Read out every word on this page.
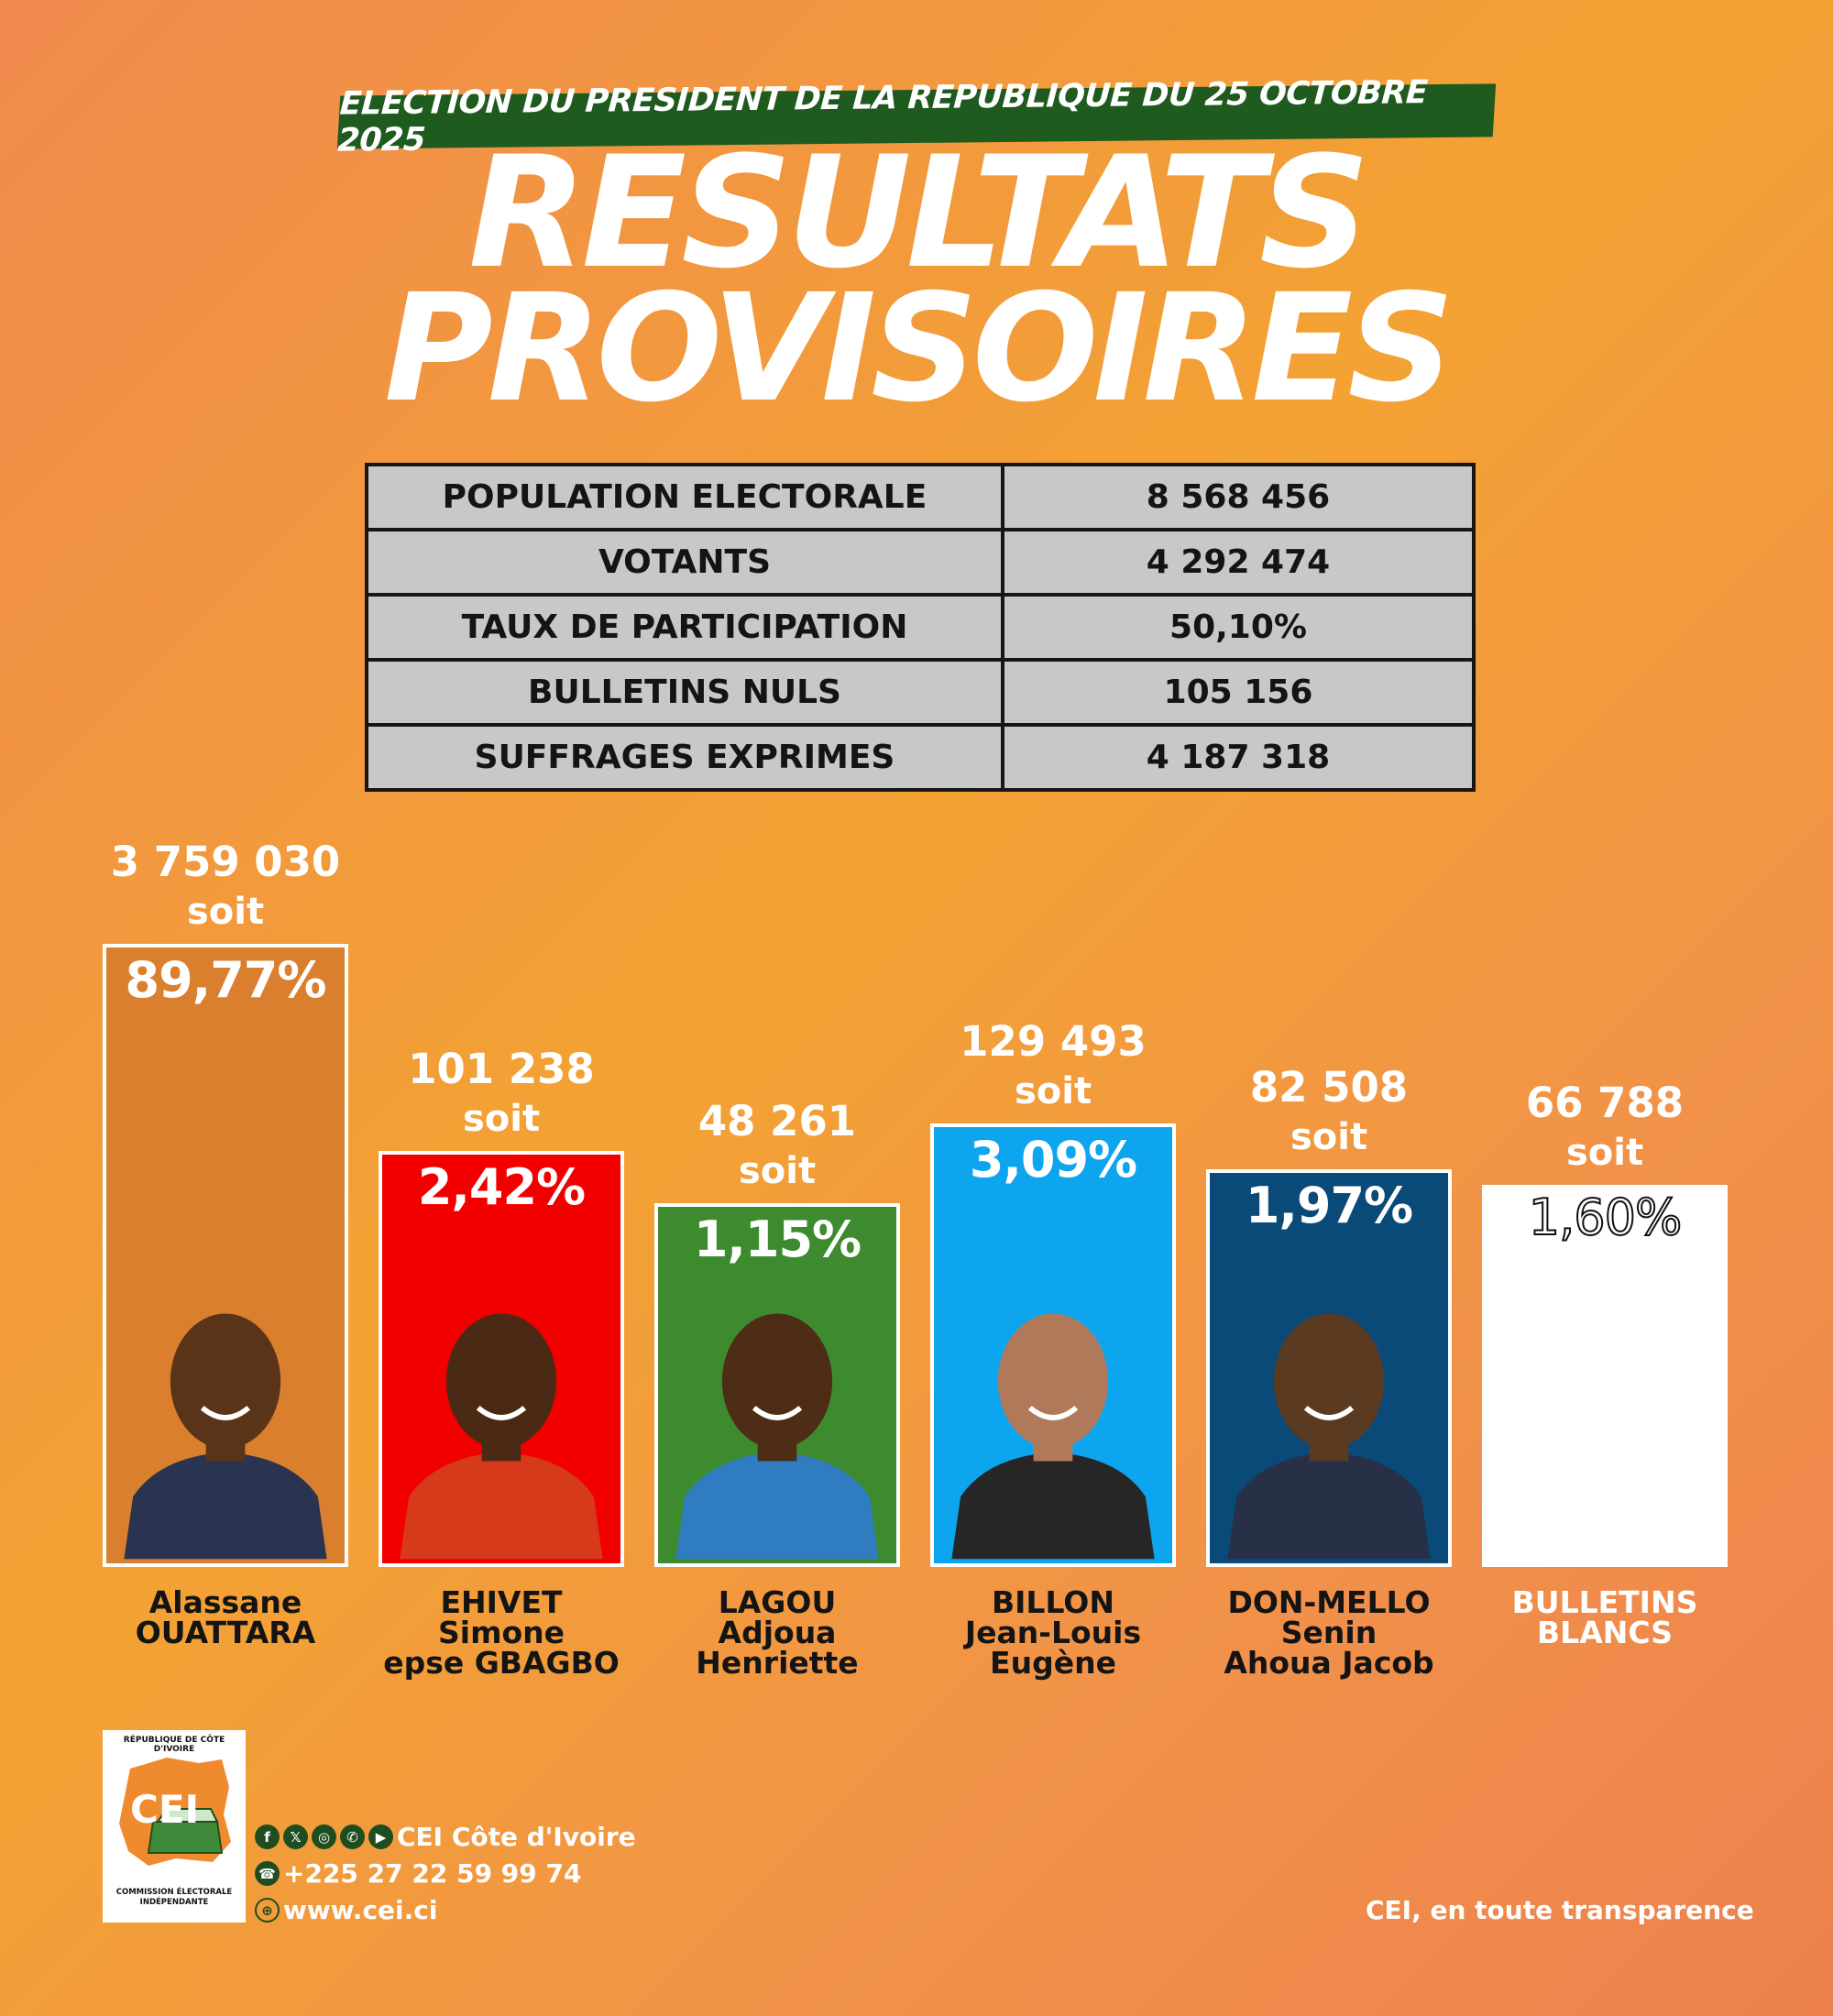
ELECTION DU PRESIDENT DE LA REPUBLIQUE DU 25 OCTOBRE 2025 RESULTATS
PROVISOIRES
POPULATION ELECTORALE	8 568 456
VOTANTS	4 292 474
TAUX DE PARTICIPATION	50,10%
BULLETINS NULS	105 156
SUFFRAGES EXPRIMES	4 187 318
89,77%
3 759 030
soit
Alassane
OUATTARA
2,42%
101 238
soit
EHIVET
Simone
epse GBAGBO
1,15%
48 261
soit
LAGOU
Adjoua
Henriette
3,09%
129 493
soit
BILLON
Jean-Louis
Eugène
1,97%
82 508
soit
DON-MELLO
Senin
Ahoua Jacob
1,60%
66 788
soit
BULLETINS
BLANCS
RÉPUBLIQUE DE CÔTE D'IVOIRE
CEI
COMMISSION ÉLECTORALE
INDÉPENDANTE
f	𝕏	◎	✆	▶ CEI Côte d'Ivoire
☎ +225 27 22 59 99 74
⊕ www.cei.ci	CEI, en toute transparence
